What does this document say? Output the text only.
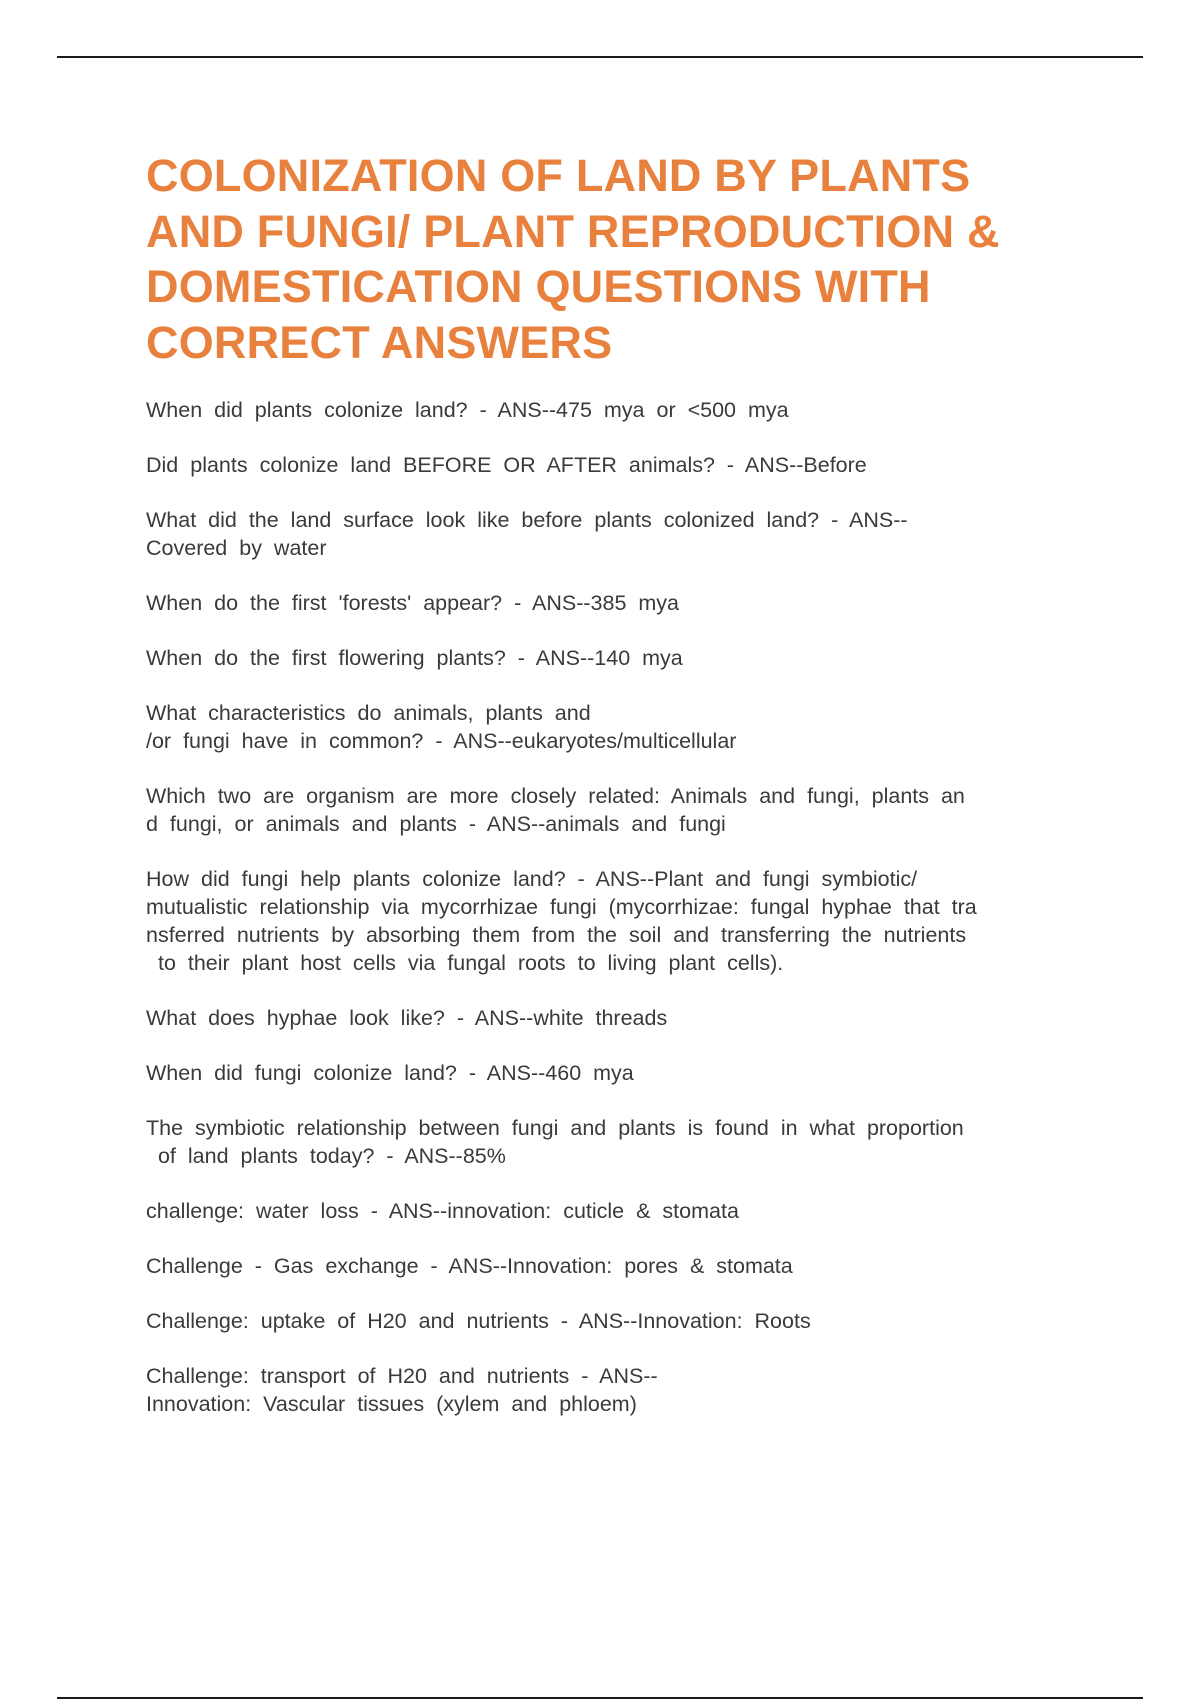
COLONIZATION OF LAND BY PLANTS
AND FUNGI/ PLANT REPRODUCTION &
DOMESTICATION QUESTIONS WITH
CORRECT ANSWERS

When did plants colonize land? - ANS--475 mya or <500 mya

Did plants colonize land BEFORE OR AFTER animals? - ANS--Before

What did the land surface look like before plants colonized land? - ANS--
Covered by water

When do the first 'forests' appear? - ANS--385 mya

When do the first flowering plants? - ANS--140 mya

What characteristics do animals, plants and
/or fungi have in common? - ANS--eukaryotes/multicellular

Which two are organism are more closely related: Animals and fungi, plants an
d fungi, or animals and plants - ANS--animals and fungi

How did fungi help plants colonize land? - ANS--Plant and fungi symbiotic/
mutualistic relationship via mycorrhizae fungi (mycorrhizae: fungal hyphae that tra
nsferred nutrients by absorbing them from the soil and transferring the nutrients
to their plant host cells via fungal roots to living plant cells).

What does hyphae look like? - ANS--white threads

When did fungi colonize land? - ANS--460 mya

The symbiotic relationship between fungi and plants is found in what proportion
of land plants today? - ANS--85%

challenge: water loss - ANS--innovation: cuticle & stomata

Challenge - Gas exchange - ANS--Innovation: pores & stomata

Challenge: uptake of H20 and nutrients - ANS--Innovation: Roots

Challenge: transport of H20 and nutrients - ANS--
Innovation: Vascular tissues (xylem and phloem)
